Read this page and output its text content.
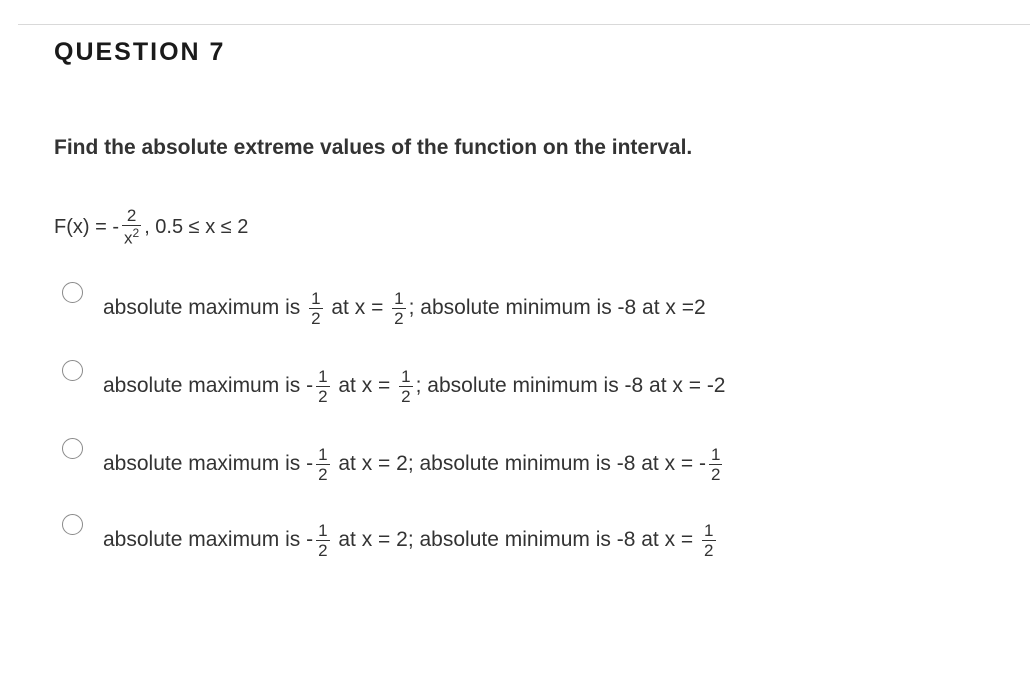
QUESTION 7
Find the absolute extreme values of the function on the interval.
F(x) = - $\frac{2}{x^2}$ , 0.5 ≤ x ≤ 2
absolute maximum is $\frac{1}{2}$ at $x = \frac{1}{2}$ ; absolute minimum is -8 at x =2
absolute maximum is - $\frac{1}{2}$ at $x = \frac{1}{2}$ ; absolute minimum is -8 at x = -2
absolute maximum is - $\frac{1}{2}$ at x = 2; absolute minimum is -8 at x = - $\frac{1}{2}$
absolute maximum is - $\frac{1}{2}$ at x = 2; absolute minimum is -8 at $x = \frac{1}{2}$
